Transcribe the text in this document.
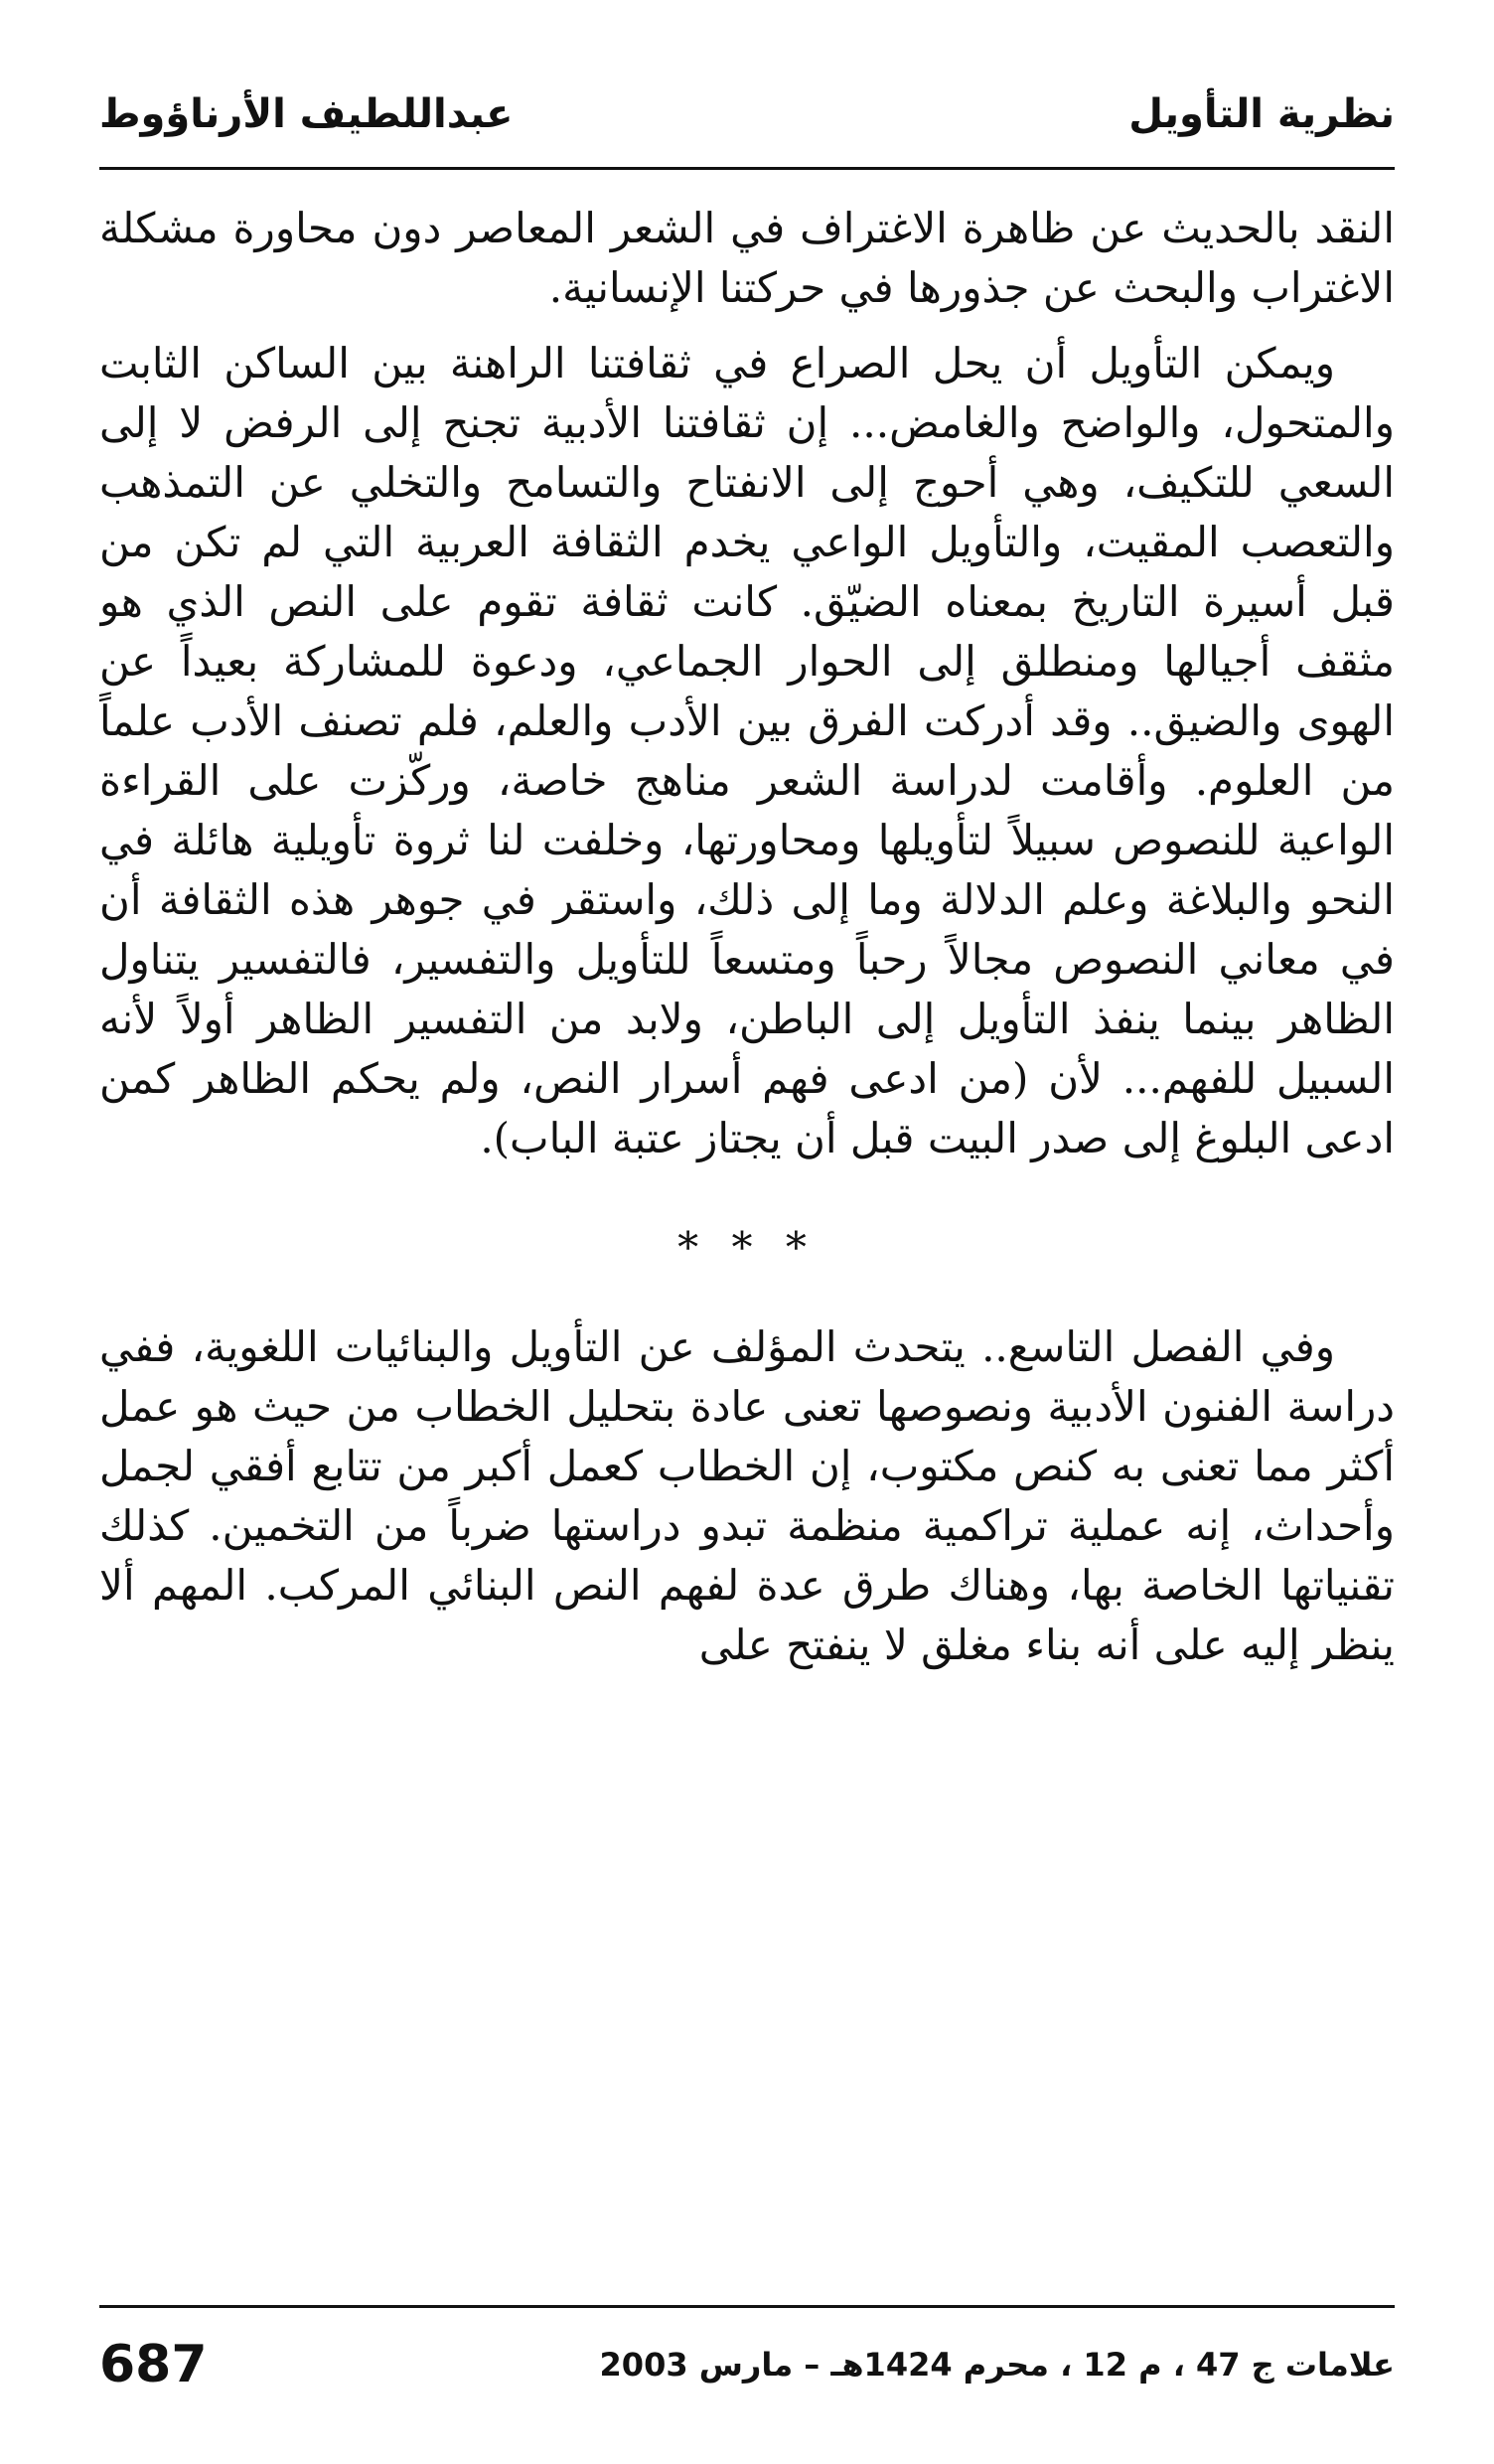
نظرية التأويل
عبداللطيف الأرناؤوط

النقد بالحديث عن ظاهرة الاغتراف في الشعر المعاصر دون محاورة مشكلة الاغتراب والبحث عن جذورها في حركتنا الإنسانية.

ويمكن التأويل أن يحل الصراع في ثقافتنا الراهنة بين الساكن الثابت والمتحول، والواضح والغامض... إن ثقافتنا الأدبية تجنح إلى الرفض لا إلى السعي للتكيف، وهي أحوج إلى الانفتاح والتسامح والتخلي عن التمذهب والتعصب المقيت، والتأويل الواعي يخدم الثقافة العربية التي لم تكن من قبل أسيرة التاريخ بمعناه الضيّق. كانت ثقافة تقوم على النص الذي هو مثقف أجيالها ومنطلق إلى الحوار الجماعي، ودعوة للمشاركة بعيداً عن الهوى والضيق.. وقد أدركت الفرق بين الأدب والعلم، فلم تصنف الأدب علماً من العلوم. وأقامت لدراسة الشعر مناهج خاصة، وركّزت على القراءة الواعية للنصوص سبيلاً لتأويلها ومحاورتها، وخلفت لنا ثروة تأويلية هائلة في النحو والبلاغة وعلم الدلالة وما إلى ذلك، واستقر في جوهر هذه الثقافة أن في معاني النصوص مجالاً رحباً ومتسعاً للتأويل والتفسير، فالتفسير يتناول الظاهر بينما ينفذ التأويل إلى الباطن، ولابد من التفسير الظاهر أولاً لأنه السبيل للفهم... لأن (من ادعى فهم أسرار النص، ولم يحكم الظاهر كمن ادعى البلوغ إلى صدر البيت قبل أن يجتاز عتبة الباب).

* * *

وفي الفصل التاسع.. يتحدث المؤلف عن التأويل والبنائيات اللغوية، ففي دراسة الفنون الأدبية ونصوصها تعنى عادة بتحليل الخطاب من حيث هو عمل أكثر مما تعنى به كنص مكتوب، إن الخطاب كعمل أكبر من تتابع أفقي لجمل وأحداث، إنه عملية تراكمية منظمة تبدو دراستها ضرباً من التخمين. كذلك تقنياتها الخاصة بها، وهناك طرق عدة لفهم النص البنائي المركب. المهم ألا ينظر إليه على أنه بناء مغلق لا ينفتح على

687	علامات ج 47 ، م 12 ، محرم 1424هـ – مارس 2003
